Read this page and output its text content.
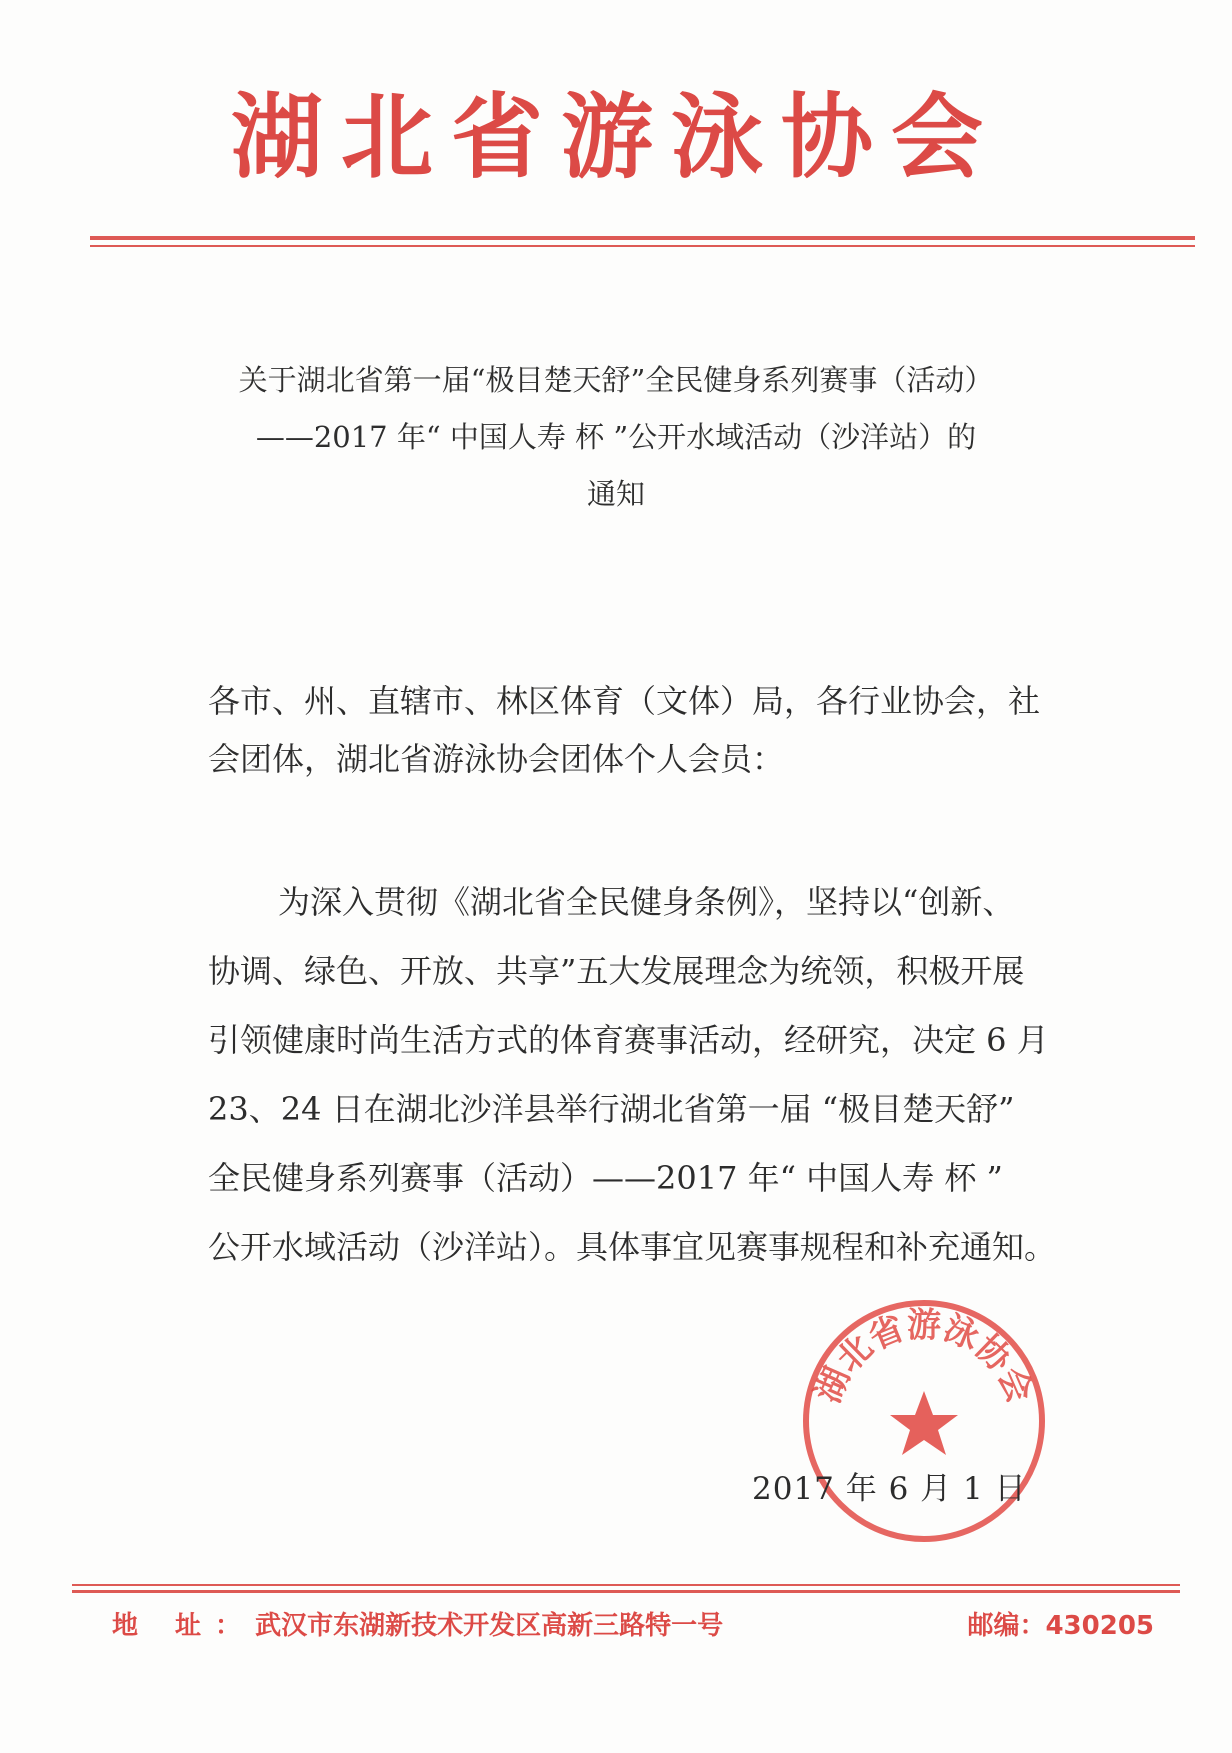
湖北省游泳协会
关于湖北省第一届“极目楚天舒”全民健身系列赛事（活动）
——2017 年“ 中国人寿 杯 ”公开水域活动（沙洋站）的
通知
各市、州、直辖市、林区体育（文体）局，各行业协会，社
会团体，湖北省游泳协会团体个人会员：
为深入贯彻《湖北省全民健身条例》，坚持以“创新、
协调、绿色、开放、共享”五大发展理念为统领，积极开展
引领健康时尚生活方式的体育赛事活动，经研究，决定 6 月
23、24 日在湖北沙洋县举行湖北省第一届 “极目楚天舒”
全民健身系列赛事（活动）——2017 年“ 中国人寿 杯 ”
公开水域活动（沙洋站）。具体事宜见赛事规程和补充通知。
湖北省游泳协会
2017 年 6 月 1 日
地 址：武汉市东湖新技术开发区高新三路特一号	邮编：430205
